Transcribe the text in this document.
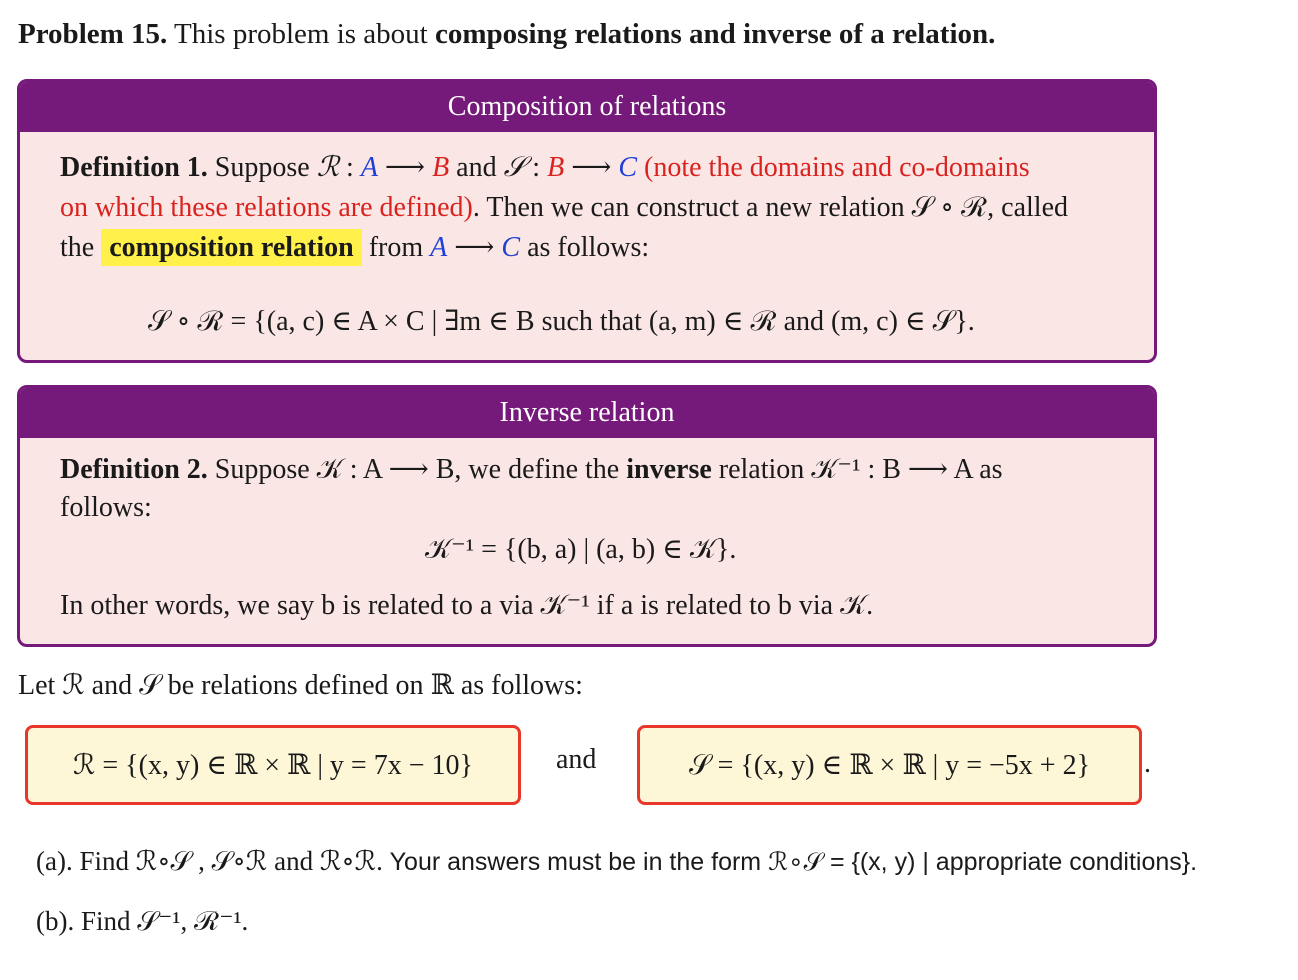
Problem 15. This problem is about composing relations and inverse of a relation.
Composition of relations
Definition 1. Suppose ℛ : A ⟶ B and 𝒮 : B ⟶ C (note the domains and co-domains
on which these relations are defined). Then we can construct a new relation 𝒮 ∘ ℛ, called
the composition relation from A ⟶ C as follows:
𝒮 ∘ ℛ = {(a, c) ∈ A × C | ∃m ∈ B such that (a, m) ∈ ℛ and (m, c) ∈ 𝒮}.
Inverse relation
Definition 2. Suppose 𝒦 : A ⟶ B, we define the inverse relation 𝒦⁻¹ : B ⟶ A as
follows:
𝒦⁻¹ = {(b, a) | (a, b) ∈ 𝒦}.
In other words, we say b is related to a via 𝒦⁻¹ if a is related to b via 𝒦.
Let ℛ and 𝒮 be relations defined on ℝ as follows:
ℛ = {(x, y) ∈ ℝ × ℝ | y = 7x − 10}	and	𝒮 = {(x, y) ∈ ℝ × ℝ | y = −5x + 2} .
(a). Find ℛ∘𝒮 , 𝒮∘ℛ and ℛ∘ℛ. Your answers must be in the form ℛ∘𝒮 = {(x, y) | appropriate conditions}.
(b). Find 𝒮⁻¹, ℛ⁻¹.
